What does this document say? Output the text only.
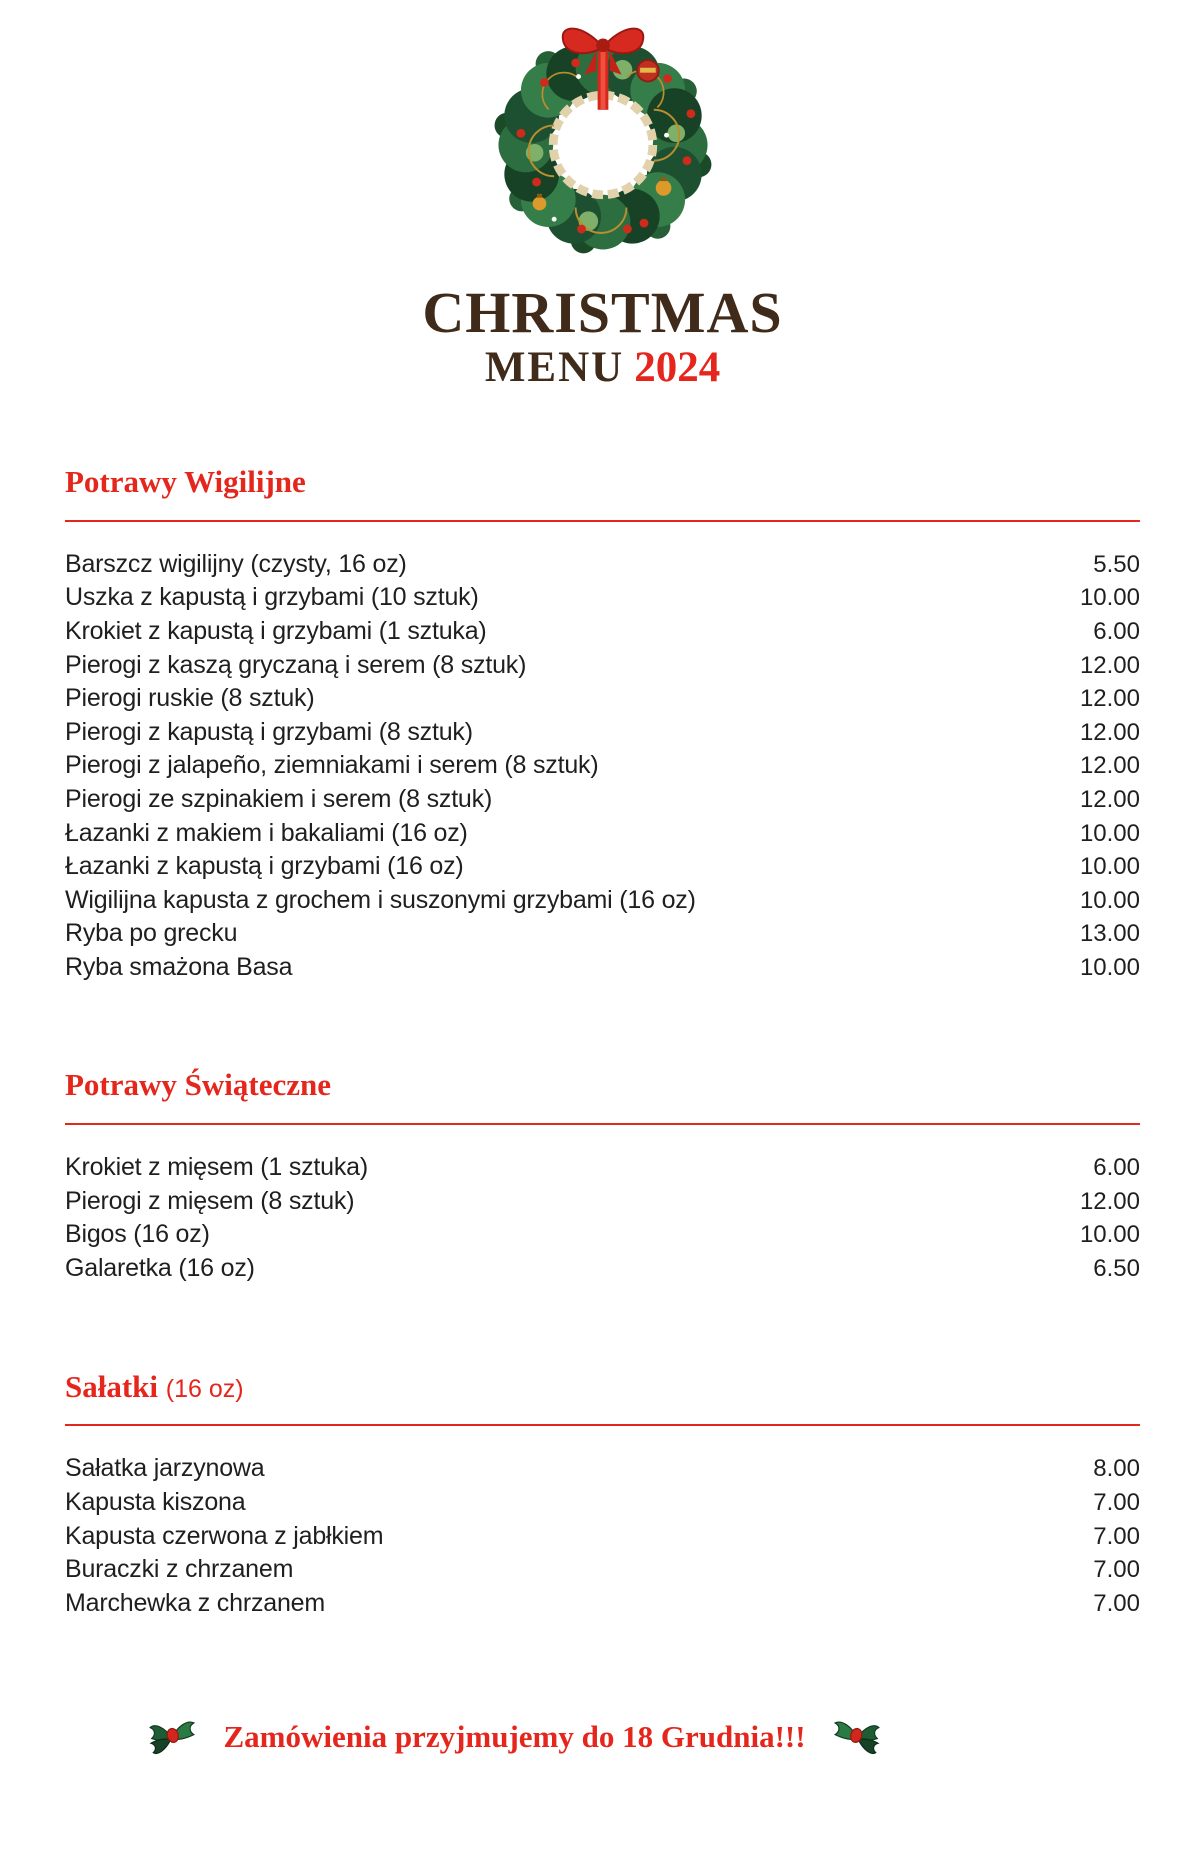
CHRISTMAS
MENU 2024
Potrawy Wigilijne
Barszcz wigilijny (czysty, 16 oz)	5.50
Uszka z kapustą i grzybami (10 sztuk)	10.00
Krokiet z kapustą i grzybami (1 sztuka)	6.00
Pierogi z kaszą gryczaną i serem (8 sztuk)	12.00
Pierogi ruskie (8 sztuk)	12.00
Pierogi z kapustą i grzybami (8 sztuk)	12.00
Pierogi z jalapeño, ziemniakami i serem (8 sztuk)	12.00
Pierogi ze szpinakiem i serem (8 sztuk)	12.00
Łazanki z makiem i bakaliami (16 oz)	10.00
Łazanki z kapustą i grzybami (16 oz)	10.00
Wigilijna kapusta z grochem i suszonymi grzybami (16 oz)	10.00
Ryba po grecku	13.00
Ryba smażona Basa	10.00
Potrawy Świąteczne
Krokiet z mięsem (1 sztuka)	6.00
Pierogi z mięsem (8 sztuk)	12.00
Bigos (16 oz)	10.00
Galaretka (16 oz)	6.50
Sałatki (16 oz)
Sałatka jarzynowa	8.00
Kapusta kiszona	7.00
Kapusta czerwona z jabłkiem	7.00
Buraczki z chrzanem	7.00
Marchewka z chrzanem	7.00
Zamówienia przyjmujemy do 18 Grudnia!!!
